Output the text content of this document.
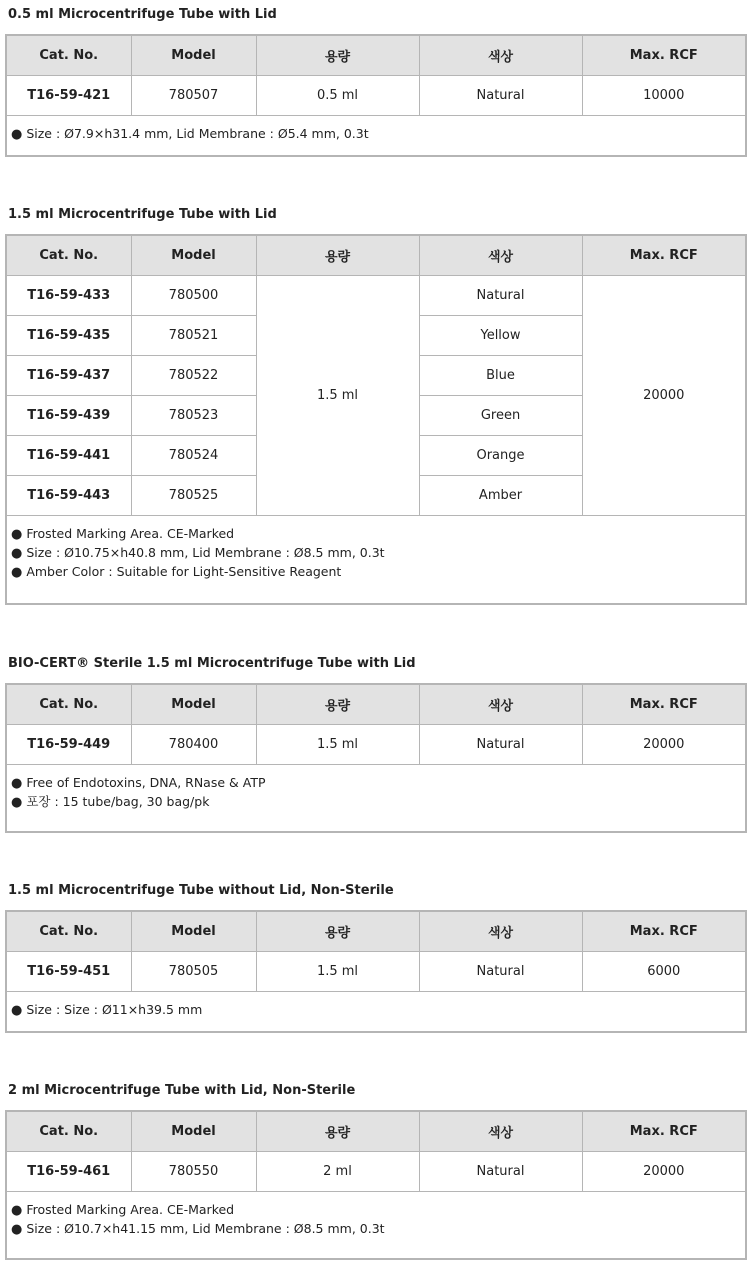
0.5 ml Microcentrifuge Tube with Lid
Cat. No.	Model	용량	색상	Max. RCF
T16-59-421	780507	0.5 ml	Natural	10000

● Size : Ø7.9×h31.4 mm, Lid Membrane : Ø5.4 mm, 0.3t				
1.5 ml Microcentrifuge Tube with Lid
Cat. No.	Model	용량	색상	Max. RCF
T16-59-433	780500	1.5 ml	Natural	20000
T16-59-435	780521		Yellow	
T16-59-437	780522		Blue	
T16-59-439	780523		Green	
T16-59-441	780524		Orange	
T16-59-443	780525		Amber	

● Frosted Marking Area. CE-Marked
● Size : Ø10.75×h40.8 mm, Lid Membrane : Ø8.5 mm, 0.3t
● Amber Color : Suitable for Light-Sensitive Reagent				
BIO-CERT® Sterile 1.5 ml Microcentrifuge Tube with Lid
Cat. No.	Model	용량	색상	Max. RCF
T16-59-449	780400	1.5 ml	Natural	20000

● Free of Endotoxins, DNA, RNase & ATP
● 포장 : 15 tube/bag, 30 bag/pk				
1.5 ml Microcentrifuge Tube without Lid, Non-Sterile
Cat. No.	Model	용량	색상	Max. RCF
T16-59-451	780505	1.5 ml	Natural	6000

● Size : Size : Ø11×h39.5 mm				
2 ml Microcentrifuge Tube with Lid, Non-Sterile
Cat. No.	Model	용량	색상	Max. RCF
T16-59-461	780550	2 ml	Natural	20000

● Frosted Marking Area. CE-Marked
● Size : Ø10.7×h41.15 mm, Lid Membrane : Ø8.5 mm, 0.3t				
